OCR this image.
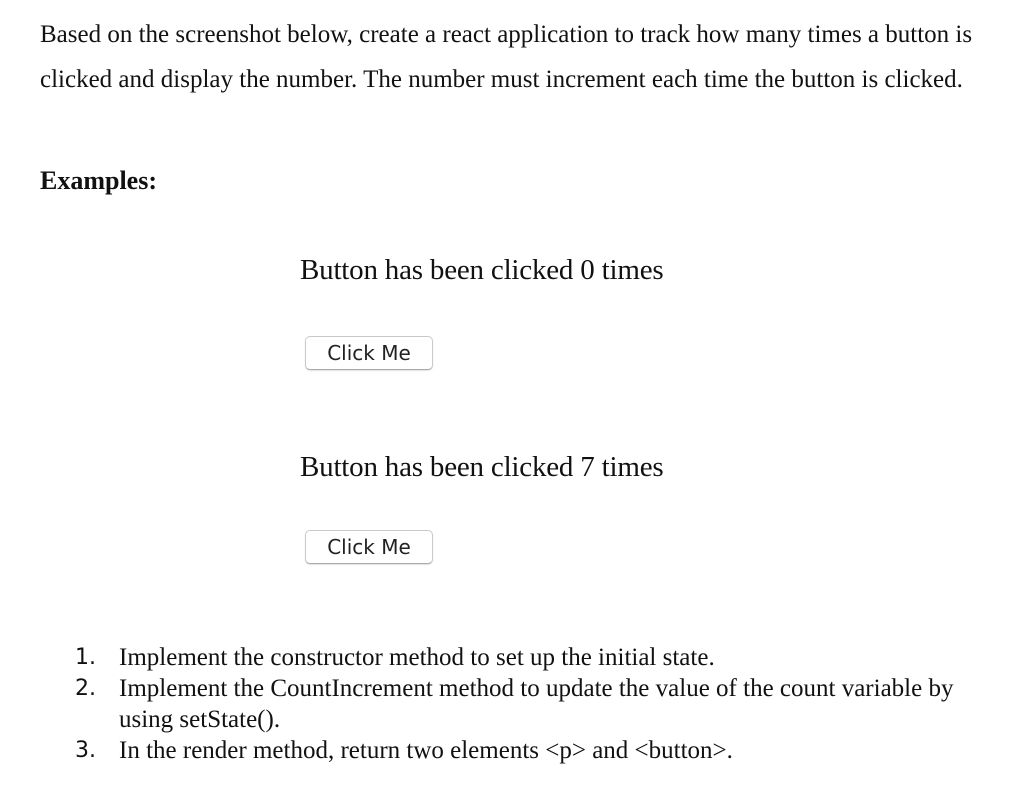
Based on the screenshot below, create a react application to track how many times a button is clicked and display the number. The number must increment each time the button is clicked.

Examples:

Button has been clicked 0 times

Click Me

Button has been clicked 7 times

Click Me
1. Implement the constructor method to set up the initial state.
2. Implement the CountIncrement method to update the value of the count variable by using setState().
3. In the render method, return two elements <p> and <button>.
